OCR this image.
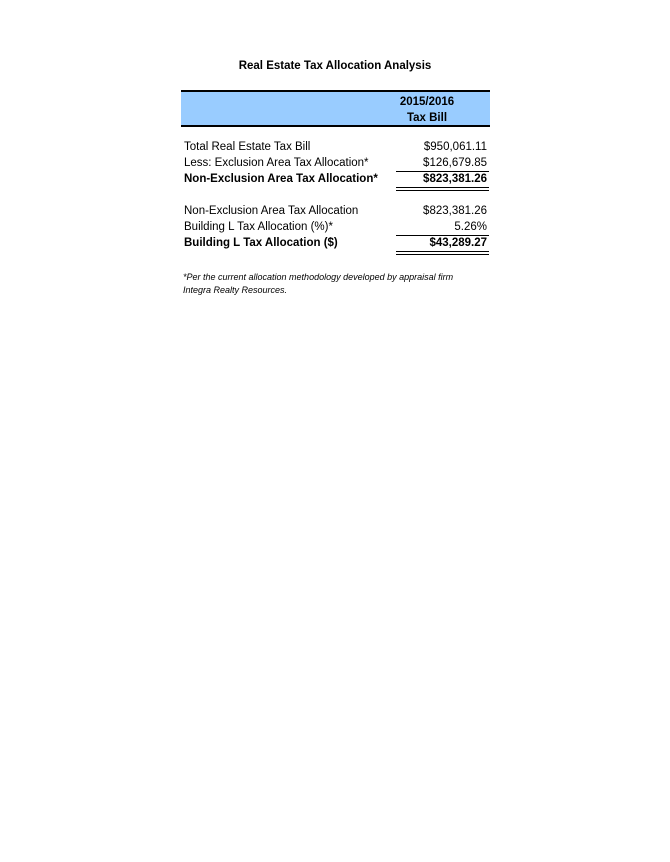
Real Estate Tax Allocation Analysis
2015/2016
Tax Bill
Total Real Estate Tax Bill	$950,061.11
Less: Exclusion Area Tax Allocation*	$126,679.85
Non-Exclusion Area Tax Allocation*	$823,381.26
Non-Exclusion Area Tax Allocation	$823,381.26
Building L Tax Allocation (%)*	5.26%
Building L Tax Allocation ($)	$43,289.27
*Per the current allocation methodology developed by appraisal firm
Integra Realty Resources.
